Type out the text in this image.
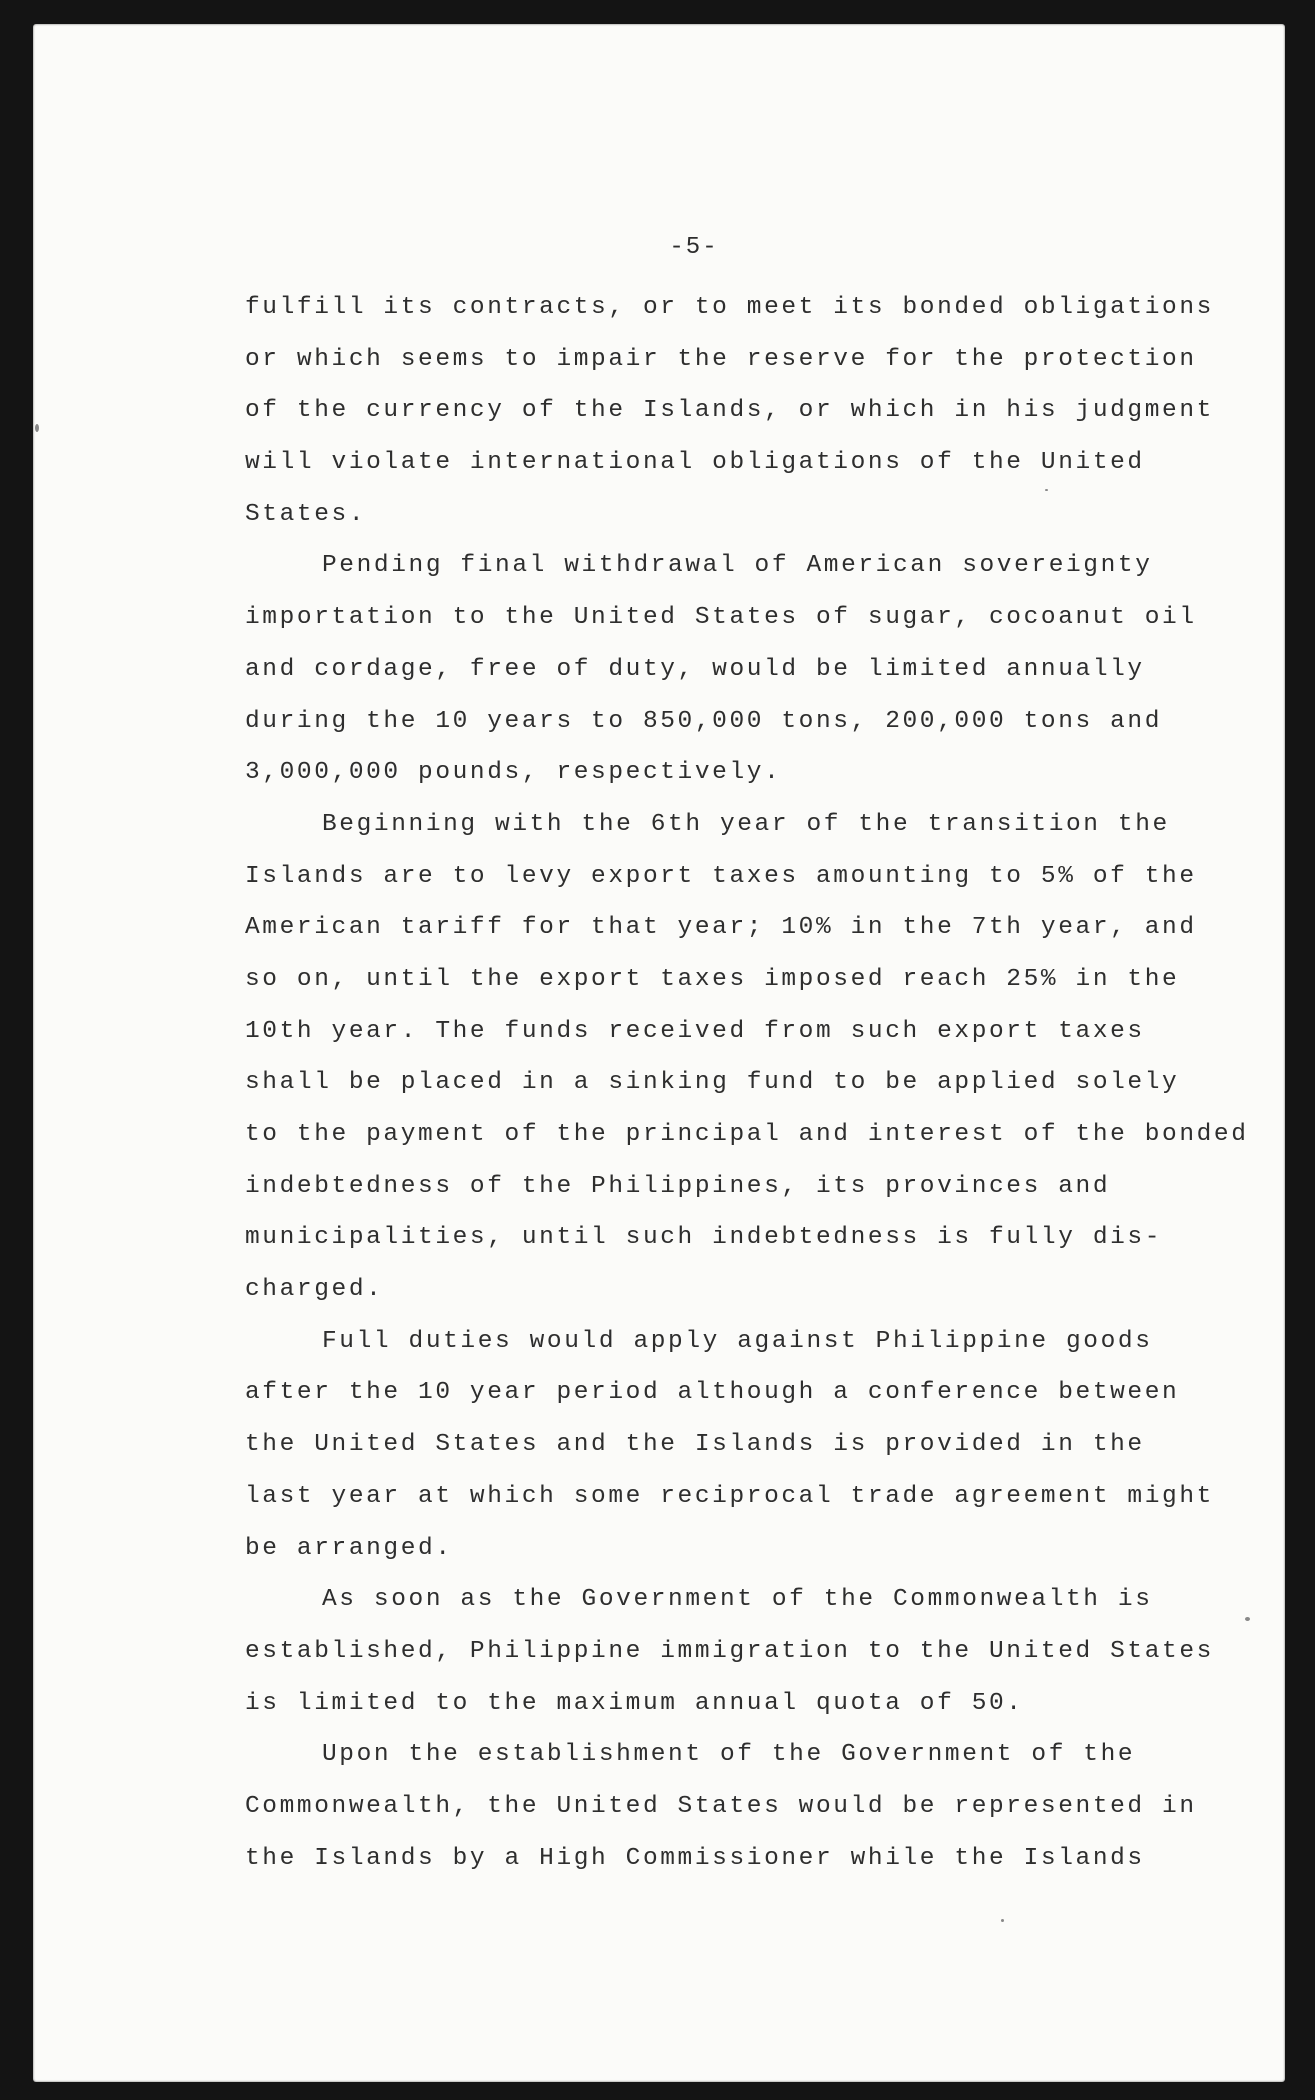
-5-
fulfill its contracts, or to meet its bonded obligations
or which seems to impair the reserve for the protection
of the currency of the Islands, or which in his judgment
will violate international obligations of the United
States.
Pending final withdrawal of American sovereignty
importation to the United States of sugar, cocoanut oil
and cordage, free of duty, would be limited annually
during the 10 years to 850,000 tons, 200,000 tons and
3,000,000 pounds, respectively.
Beginning with the 6th year of the transition the
Islands are to levy export taxes amounting to 5% of the
American tariff for that year; 10% in the 7th year, and
so on, until the export taxes imposed reach 25% in the
10th year. The funds received from such export taxes
shall be placed in a sinking fund to be applied solely
to the payment of the principal and interest of the bonded
indebtedness of the Philippines, its provinces and
municipalities, until such indebtedness is fully dis-
charged.
Full duties would apply against Philippine goods
after the 10 year period although a conference between
the United States and the Islands is provided in the
last year at which some reciprocal trade agreement might
be arranged.
As soon as the Government of the Commonwealth is
established, Philippine immigration to the United States
is limited to the maximum annual quota of 50.
Upon the establishment of the Government of the
Commonwealth, the United States would be represented in
the Islands by a High Commissioner while the Islands
